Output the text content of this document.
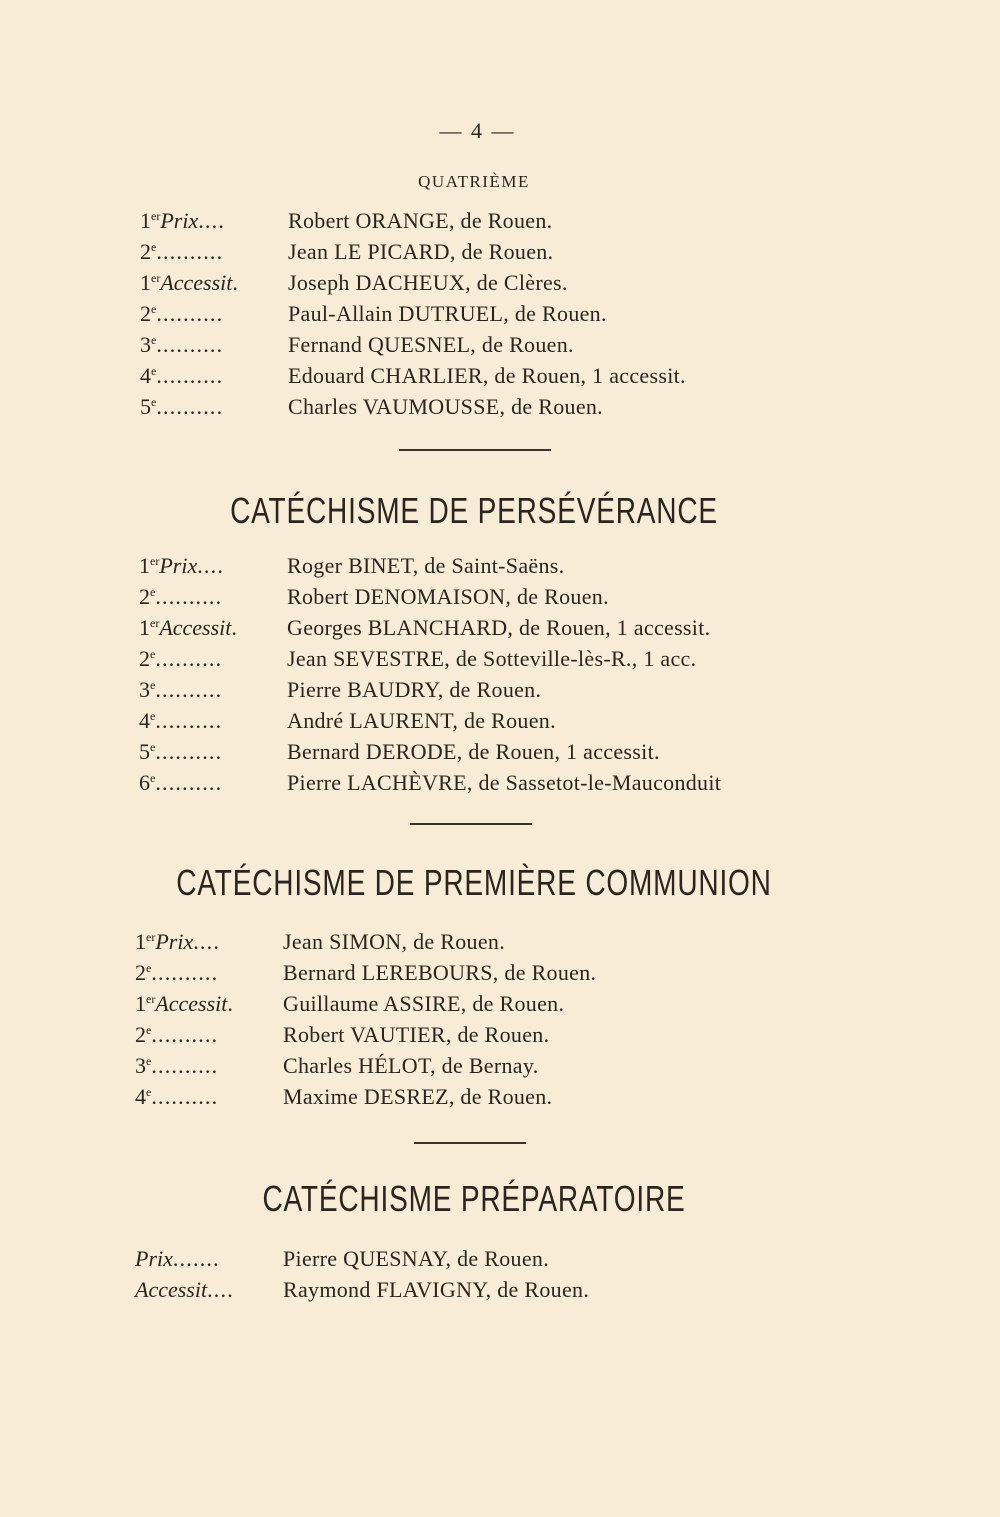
— 4 —
QUATRIÈME
1erPrix....	Robert ORANGE, de Rouen.
2e..........	Jean LE PICARD, de Rouen.
1erAccessit. Joseph DACHEUX, de Clères.
2e..........	Paul-Allain DUTRUEL, de Rouen.
3e..........	Fernand QUESNEL, de Rouen.
4e..........	Edouard CHARLIER, de Rouen, 1 accessit.
5e..........	Charles VAUMOUSSE, de Rouen.
CATÉCHISME DE PERSÉVÉRANCE
1erPrix....	Roger BINET, de Saint-Saëns.
2e..........	Robert DENOMAISON, de Rouen.
1erAccessit. Georges BLANCHARD, de Rouen, 1 accessit.
2e..........	Jean SEVESTRE, de Sotteville-lès-R., 1 acc.
3e..........	Pierre BAUDRY, de Rouen.
4e..........	André LAURENT, de Rouen.
5e..........	Bernard DERODE, de Rouen, 1 accessit.
6e..........	Pierre LACHÈVRE, de Sassetot-le-Mauconduit
CATÉCHISME DE PREMIÈRE COMMUNION
1erPrix....	Jean SIMON, de Rouen.
2e..........	Bernard LEREBOURS, de Rouen.
1erAccessit. Guillaume ASSIRE, de Rouen.
2e..........	Robert VAUTIER, de Rouen.
3e..........	Charles HÉLOT, de Bernay.
4e..........	Maxime DESREZ, de Rouen.
CATÉCHISME PRÉPARATOIRE
Prix.......	Pierre QUESNAY, de Rouen.
Accessit.... Raymond FLAVIGNY, de Rouen.
